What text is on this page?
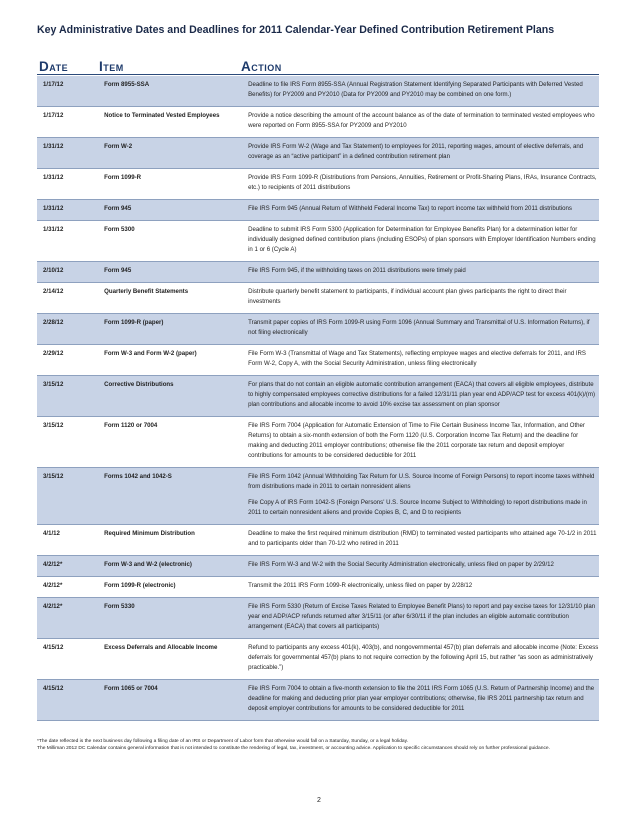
Key Administrative Dates and Deadlines for 2011 Calendar-Year Defined Contribution Retirement Plans
Date Item	Action
1/17/12	Form 8955-SSA	Deadline to file IRS Form 8955-SSA (Annual Registration Statement Identifying Separated Participants with Deferred Vested Benefits) for PY2009 and PY2010 (Data for PY2009 and PY2010 may be combined on one form.)

1/17/12	Notice to Terminated Vested Employees	Provide a notice describing the amount of the account balance as of the date of termination to terminated vested employees who were reported on Form 8955-SSA for PY2009 and PY2010

1/31/12	Form W-2	Provide IRS Form W-2 (Wage and Tax Statement) to employees for 2011, reporting wages, amount of elective deferrals, and coverage as an “active participant” in a defined contribution retirement plan

1/31/12	Form 1099-R	Provide IRS Form 1099-R (Distributions from Pensions, Annuities, Retirement or Profit-Sharing Plans, IRAs, Insurance Contracts, etc.) to recipients of 2011 distributions

1/31/12	Form 945	File IRS Form 945 (Annual Return of Withheld Federal Income Tax) to report income tax withheld from 2011 distributions

1/31/12	Form 5300	Deadline to submit IRS Form 5300 (Application for Determination for Employee Benefits Plan) for a determination letter for individually designed defined contribution plans (including ESOPs) of plan sponsors with Employer Identification Numbers ending in 1 or 6 (Cycle A)

2/10/12	Form 945	File IRS Form 945, if the withholding taxes on 2011 distributions were timely paid

2/14/12	Quarterly Benefit Statements	Distribute quarterly benefit statement to participants, if individual account plan gives participants the right to direct their investments

2/28/12	Form 1099-R (paper)	Transmit paper copies of IRS Form 1099-R using Form 1096 (Annual Summary and Transmittal of U.S. Information Returns), if not filing electronically

2/29/12	Form W-3 and Form W-2 (paper)	File Form W-3 (Transmittal of Wage and Tax Statements), reflecting employee wages and elective deferrals for 2011, and IRS Form W-2, Copy A, with the Social Security Administration, unless filing electronically

3/15/12	Corrective Distributions	For plans that do not contain an eligible automatic contribution arrangement (EACA) that covers all eligible employees, distribute to highly compensated employees corrective distributions for a failed 12/31/11 plan year end ADP/ACP test for excess 401(k)/(m) plan contributions and allocable income to avoid 10% excise tax assessment on plan sponsor

3/15/12	Form 1120 or 7004	File IRS Form 7004 (Application for Automatic Extension of Time to File Certain Business Income Tax, Information, and Other Returns) to obtain a six-month extension of both the Form 1120 (U.S. Corporation Income Tax Return) and the deadline for making and deducting 2011 employer contributions; otherwise file the 2011 corporate tax return and deposit employer contributions for amounts to be considered deductible for 2011

3/15/12	Forms 1042 and 1042-S	File IRS Form 1042 (Annual Withholding Tax Return for U.S. Source Income of Foreign Persons) to report income taxes withheld from distributions made in 2011 to certain nonresident aliens

File Copy A of IRS Form 1042-S (Foreign Persons' U.S. Source Income Subject to Withholding) to report distributions made in 2011 to certain nonresident aliens and provide Copies B, C, and D to recipients

4/1/12	Required Minimum Distribution	Deadline to make the first required minimum distribution (RMD) to terminated vested participants who attained age 70-1/2 in 2011 and to participants older than 70-1/2 who retired in 2011

4/2/12*	Form W-3 and W-2 (electronic)	File IRS Form W-3 and W-2 with the Social Security Administration electronically, unless filed on paper by 2/29/12

4/2/12*	Form 1099-R (electronic)	Transmit the 2011 IRS Form 1099-R electronically, unless filed on paper by 2/28/12

4/2/12*	Form 5330	File IRS Form 5330 (Return of Excise Taxes Related to Employee Benefit Plans) to report and pay excise taxes for 12/31/10 plan year end ADP/ACP refunds returned after 3/15/11 (or after 6/30/11 if the plan includes an eligible automatic contribution arrangement (EACA) that covers all participants)

4/15/12	Excess Deferrals and Allocable Income	Refund to participants any excess 401(k), 403(b), and nongovernmental 457(b) plan deferrals and allocable income (Note: Excess deferrals for governmental 457(b) plans to not require correction by the following April 15, but rather “as soon as administratively practicable.”)

4/15/12	Form 1065 or 7004	File IRS Form 7004 to obtain a five-month extension to file the 2011 IRS Form 1065 (U.S. Return of Partnership Income) and the deadline for making and deducting prior plan year employer contributions; otherwise, file IRS 2011 partnership tax return and deposit employer contributions for amounts to be considered deductible for 2011

*The date reflected is the next business day following a filing date of an IRS or Department of Labor form that otherwise would fall on a Saturday, Sunday, or a legal holiday.
The Milliman 2012 DC Calendar contains general information that is not intended to constitute the rendering of legal, tax, investment, or accounting advice. Application to specific circumstances should rely on further professional guidance.
2
